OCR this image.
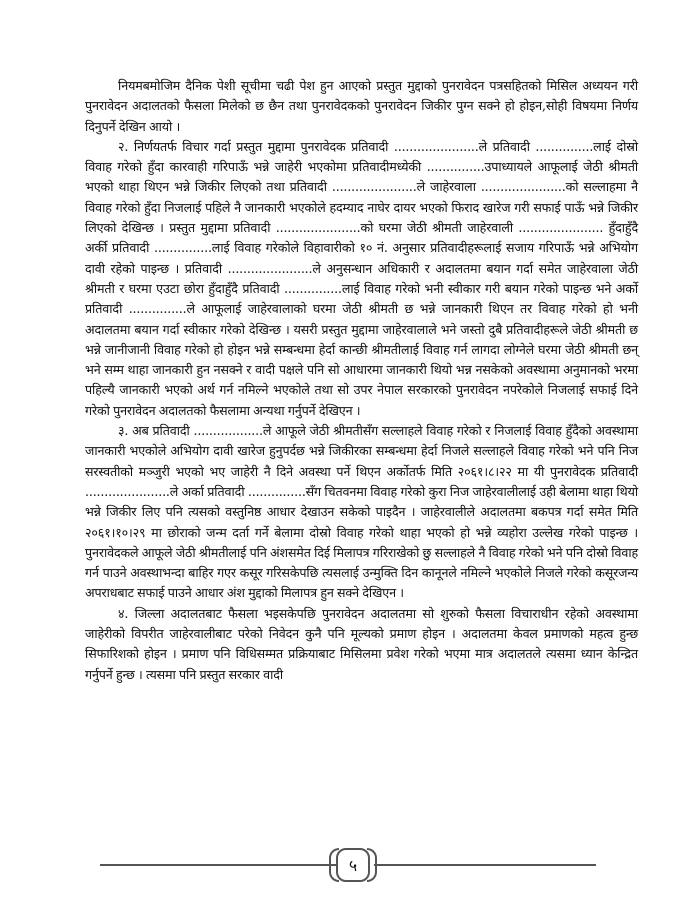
नियमबमोजिम दैनिक पेशी सूचीमा चढी पेश हुन आएको प्रस्तुत मुद्दाको पुनरावेदन पत्रसहितको मिसिल अध्ययन गरी पुनरावेदन अदालतको फैसला मिलेको छ छैन तथा पुनरावेदकको पुनरावेदन जिकीर पुग्न सक्ने हो होइन,सोही विषयमा निर्णय दिनुपर्ने देखिन आयो ।

२. निर्णयतर्फ विचार गर्दा प्रस्तुत मुद्दामा पुनरावेदक प्रतिवादी ......................ले प्रतिवादी ...............लाई दोस्रो विवाह गरेको हुँदा कारवाही गरिपाऊँ भन्ने जाहेरी भएकोमा प्रतिवादीमध्येकी ...............उपाध्यायले आफूलाई जेठी श्रीमती भएको थाहा थिएन भन्ने जिकीर लिएको तथा प्रतिवादी ......................ले जाहेरवाला ......................को सल्लाहमा नै विवाह गरेको हुँदा निजलाई पहिले नै जानकारी भएकोले हदम्याद नाघेर दायर भएको फिराद खारेज गरी सफाई पाऊँ भन्ने जिकीर लिएको देखिन्छ । प्रस्तुत मुद्दामा प्रतिवादी ......................को घरमा जेठी श्रीमती जाहेरवाली ...................... हुँदाहुँदै अर्की प्रतिवादी ...............लाई विवाह गरेकोले विहावारीको १० नं. अनुसार प्रतिवादीहरूलाई सजाय गरिपाऊँ भन्ने अभियोग दावी रहेको पाइन्छ । प्रतिवादी ......................ले अनुसन्धान अधिकारी र अदालतमा बयान गर्दा समेत जाहेरवाला जेठी श्रीमती र घरमा एउटा छोरा हुँदाहुँदै प्रतिवादी ...............लाई विवाह गरेको भनी स्वीकार गरी बयान गरेको पाइन्छ भने अर्को प्रतिवादी ...............ले आफूलाई जाहेरवालाको घरमा जेठी श्रीमती छ भन्ने जानकारी थिएन तर विवाह गरेको हो भनी अदालतमा बयान गर्दा स्वीकार गरेको देखिन्छ । यसरी प्रस्तुत मुद्दामा जाहेरवालाले भने जस्तो दुबै प्रतिवादीहरूले जेठी श्रीमती छ भन्ने जानीजानी विवाह गरेको हो होइन भन्ने सम्बन्धमा हेर्दा कान्छी श्रीमतीलाई विवाह गर्न लागदा लोग्नेले घरमा जेठी श्रीमती छन् भने सम्म थाहा जानकारी हुन नसक्ने र वादी पक्षले पनि सो आधारमा जानकारी थियो भन्न नसकेको अवस्थामा अनुमानको भरमा पहिल्यै जानकारी भएको अर्थ गर्न नमिल्ने भएकोले तथा सो उपर नेपाल सरकारको पुनरावेदन नपरेकोले निजलाई सफाई दिने गरेको पुनरावेदन अदालतको फैसलामा अन्यथा गर्नुपर्ने देखिएन ।

३. अब प्रतिवादी ..................ले आफूले जेठी श्रीमतीसँग सल्लाहले विवाह गरेको र निजलाई विवाह हुँदैको अवस्थामा जानकारी भएकोले अभियोग दावी खारेज हुनुपर्दछ भन्ने जिकीरका सम्बन्धमा हेर्दा निजले सल्लाहले विवाह गरेको भने पनि निज सरस्वतीको मञ्जुरी भएको भए जाहेरी नै दिने अवस्था पर्ने थिएन अर्कोतर्फ मिति २०६१।८।२२ मा यी पुनरावेदक प्रतिवादी ......................ले अर्का प्रतिवादी ...............सँग चितवनमा विवाह गरेको कुरा निज जाहेरवालीलाई उही बेलामा थाहा थियो भन्ने जिकीर लिए पनि त्यसको वस्तुनिष्ठ आधार देखाउन सकेको पाइदैन । जाहेरवालीले अदालतमा बकपत्र गर्दा समेत मिति २०६१।१०।२९ मा छोराको जन्म दर्ता गर्ने बेलामा दोस्रो विवाह गरेको थाहा भएको हो भन्ने व्यहोरा उल्लेख गरेको पाइन्छ । पुनरावेदकले आफूले जेठी श्रीमतीलाई पनि अंशसमेत दिई मिलापत्र गरिराखेको छु सल्लाहले नै विवाह गरेको भने पनि दोस्रो विवाह गर्न पाउने अवस्थाभन्दा बाहिर गएर कसूर गरिसकेपछि त्यसलाई उन्मुक्ति दिन कानूनले नमिल्ने भएकोले निजले गरेको कसूरजन्य अपराधबाट सफाई पाउने आधार अंश मुद्दाको मिलापत्र हुन सक्ने देखिएन ।

४. जिल्ला अदालतबाट फैसला भइसकेपछि पुनरावेदन अदालतमा सो शुरुको फैसला विचाराधीन रहेको अवस्थामा जाहेरीको विपरीत जाहेरवालीबाट परेको निवेदन कुनै पनि मूल्यको प्रमाण होइन । अदालतमा केवल प्रमाणको महत्व हुन्छ सिफारिशको होइन । प्रमाण पनि विधिसम्मत प्रक्रियाबाट मिसिलमा प्रवेश गरेको भएमा मात्र अदालतले त्यसमा ध्यान केन्द्रित गर्नुपर्ने हुन्छ । त्यसमा पनि प्रस्तुत सरकार वादी

५
